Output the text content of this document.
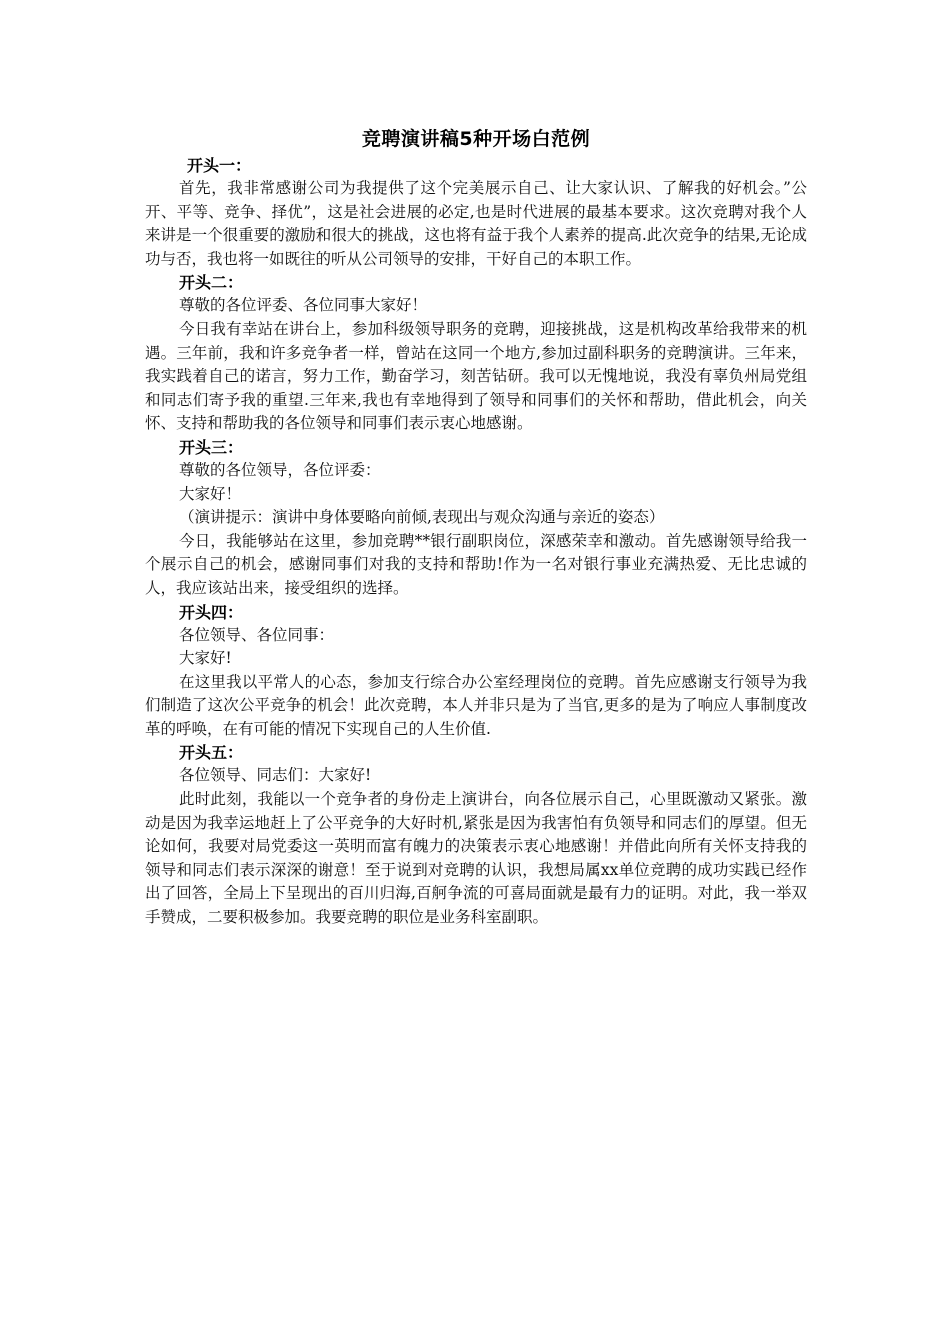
竞聘演讲稿5种开场白范例

开头一：

首先，我非常感谢公司为我提供了这个完美展示自己、让大家认识、了解我的好机会。”公开、平等、竞争、择优”，这是社会进展的必定,也是时代进展的最基本要求。这次竞聘对我个人来讲是一个很重要的激励和很大的挑战，这也将有益于我个人素养的提高.此次竞争的结果,无论成功与否，我也将一如既往的听从公司领导的安排，干好自己的本职工作。

开头二：

尊敬的各位评委、各位同事大家好！

今日我有幸站在讲台上，参加科级领导职务的竞聘，迎接挑战，这是机构改革给我带来的机遇。三年前，我和许多竞争者一样，曾站在这同一个地方,参加过副科职务的竞聘演讲。三年来，我实践着自己的诺言，努力工作，勤奋学习，刻苦钻研。我可以无愧地说，我没有辜负州局党组和同志们寄予我的重望.三年来,我也有幸地得到了领导和同事们的关怀和帮助，借此机会，向关怀、支持和帮助我的各位领导和同事们表示衷心地感谢。

开头三：

尊敬的各位领导，各位评委：

大家好！

（演讲提示：演讲中身体要略向前倾,表现出与观众沟通与亲近的姿态）

今日，我能够站在这里，参加竞聘**银行副职岗位，深感荣幸和激动。首先感谢领导给我一个展示自己的机会，感谢同事们对我的支持和帮助!作为一名对银行事业充满热爱、无比忠诚的人，我应该站出来，接受组织的选择。

开头四：

各位领导、各位同事：

大家好!

在这里我以平常人的心态，参加支行综合办公室经理岗位的竞聘。首先应感谢支行领导为我们制造了这次公平竞争的机会！此次竞聘，本人并非只是为了当官,更多的是为了响应人事制度改革的呼唤，在有可能的情况下实现自己的人生价值.

开头五：

各位领导、同志们：大家好!

此时此刻，我能以一个竞争者的身份走上演讲台，向各位展示自己，心里既激动又紧张。激动是因为我幸运地赶上了公平竞争的大好时机,紧张是因为我害怕有负领导和同志们的厚望。但无论如何，我要对局党委这一英明而富有魄力的决策表示衷心地感谢！并借此向所有关怀支持我的领导和同志们表示深深的谢意！至于说到对竞聘的认识，我想局属xx单位竞聘的成功实践已经作出了回答，全局上下呈现出的百川归海,百舸争流的可喜局面就是最有力的证明。对此，我一举双手赞成，二要积极参加。我要竞聘的职位是业务科室副职。
